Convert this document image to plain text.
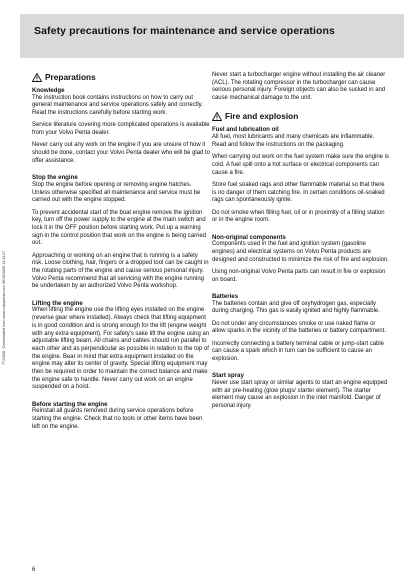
Safety precautions for maintenance and service operations
7741508 · Downloaded from www.volvopenta.com 06/10/2009 13:14:27
Preparations
Knowledge

The instruction book contains instructions on how to carry out general maintenance and service operations safely and correctly. Read the instructions carefully before starting work.

Service literature covering more complicated operations is available from your Volvo Penta dealer.

Never carry out any work on the engine if you are unsure of how it should be done, contact your Volvo Penta dealer who will be glad to offer assistance.

Stop the engine

Stop the engine before opening or removing engine hatches. Unless otherwise specified all maintenance and service must be carried out with the engine stopped.

To prevent accidental start of the boat engine remove the ignition key, turn off the power supply to the engine at the main switch and lock it in the OFF position before starting work. Put up a warning sign in the control position that work on the engine is being carried out.

Approaching or working on an engine that is running is a safety risk. Loose clothing, hair, fingers or a dropped tool can be caught in the rotating parts of the engine and cause serious personal injury. Volvo Penta recommend that all servicing with the engine running be undertaken by an authorized Volvo Penta workshop.

Lifting the engine

When lifting the engine use the lifting eyes installed on the engine (reverse gear where installed). Always check that lifting equipment is in good condition and is strong enough for the lift (engine weight with any extra equipment). For safety's sake lift the engine using an adjustable lifting beam. All chains and cables should run parallel to each other and as perpendicular as possible in relation to the top of the engine. Bear in mind that extra equipment installed on the engine may alter its center of gravity. Special lifting equipment may then be required in order to maintain the correct balance and make the engine safe to handle. Never carry out work on an engine suspended on a hoist.

Before starting the engine

Reinstall all guards removed during service operations before starting the engine. Check that no tools or other items have been left on the engine.

Never start a turbocharger engine without installing the air cleaner (ACL). The rotating compressor in the turbocharger can cause serious personal injury. Foreign objects can also be sucked in and cause mechanical damage to the unit.

Fire and explosion
Fuel and lubrication oil

All fuel, most lubricants and many chemicals are inflammable. Read and follow the instructions on the packaging.

When carrying out work on the fuel system make sure the engine is cold. A fuel spill onto a hot surface or electrical components can cause a fire.

Store fuel soaked rags and other flammable material so that there is no danger of them catching fire. In certain conditions oil-soaked rags can spontaneously ignite.

Do not smoke when filling fuel, oil or in proximity of a filling station or in the engine room.

Non-original components

Components used in the fuel and ignition system (gasoline engines) and electrical systems on Volvo Penta products are designed and constructed to minimize the risk of fire and explosion.

Using non-original Volvo Penta parts can result in fire or explosion on board.

Batteries

The batteries contain and give off oxyhydrogen gas, especially during charging. This gas is easily ignited and highly flammable.

Do not under any circumstances smoke or use naked flame or allow sparks in the vicinity of the batteries or battery compartment.

Incorrectly connecting a battery terminal cable or jump-start cable can cause a spark which in turn can be sufficient to cause an explosion.

Start spray

Never use start spray or similar agents to start an engine equipped with air pre-heating (glow plugs/ starter element). The starter element may cause an explosion in the inlet manifold. Danger of personal injury.

6
